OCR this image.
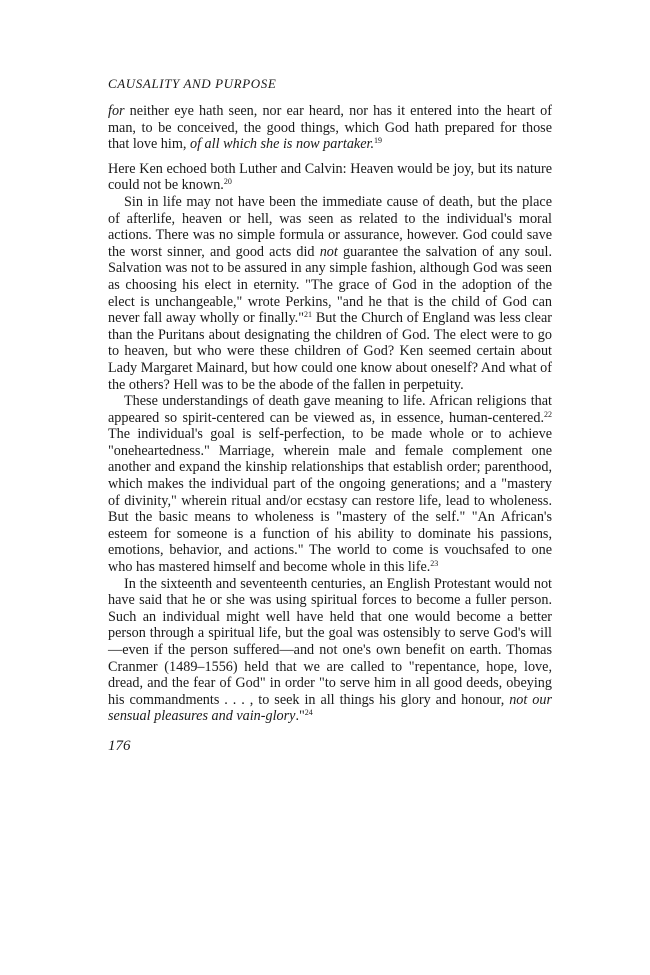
CAUSALITY AND PURPOSE

for neither eye hath seen, nor ear heard, nor has it entered into the heart of man, to be conceived, the good things, which God hath prepared for those that love him, of all which she is now partaker.$^{19}$

Here Ken echoed both Luther and Calvin: Heaven would be joy, but its nature could not be known.$^{20}$

Sin in life may not have been the immediate cause of death, but the place of afterlife, heaven or hell, was seen as related to the individual's moral actions. There was no simple formula or assurance, however. God could save the worst sinner, and good acts did not guarantee the salvation of any soul. Salvation was not to be assured in any simple fashion, although God was seen as choosing his elect in eternity. "The grace of God in the adoption of the elect is unchangeable," wrote Perkins, "and he that is the child of God can never fall away wholly or finally."$^{21}$ But the Church of England was less clear than the Puritans about designating the children of God. The elect were to go to heaven, but who were these children of God? Ken seemed certain about Lady Margaret Mainard, but how could one know about oneself? And what of the others? Hell was to be the abode of the fallen in perpetuity.

These understandings of death gave meaning to life. African religions that appeared so spirit-centered can be viewed as, in essence, human-centered.$^{22}$ The individual's goal is self-perfection, to be made whole or to achieve "oneheartedness." Marriage, wherein male and female complement one another and expand the kinship relationships that establish order; parenthood, which makes the individual part of the ongoing generations; and a "mastery of divinity," wherein ritual and/or ecstasy can restore life, lead to wholeness. But the basic means to wholeness is "mastery of the self." "An African's esteem for someone is a function of his ability to dominate his passions, emotions, behavior, and actions." The world to come is vouchsafed to one who has mastered himself and become whole in this life.$^{23}$

In the sixteenth and seventeenth centuries, an English Protestant would not have said that he or she was using spiritual forces to become a fuller person. Such an individual might well have held that one would become a better person through a spiritual life, but the goal was ostensibly to serve God's will—even if the person suffered—and not one's own benefit on earth. Thomas Cranmer (1489–1556) held that we are called to "repentance, hope, love, dread, and the fear of God" in order "to serve him in all good deeds, obeying his commandments . . . , to seek in all things his glory and honour, not our sensual pleasures and vain-glory."$^{24}$

176
